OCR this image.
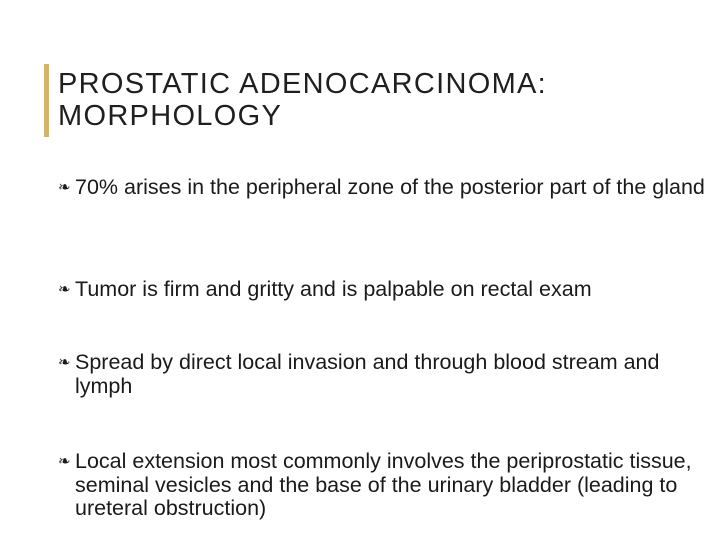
PROSTATIC ADENOCARCINOMA:
MORPHOLOGY
❧ 70% arises in the peripheral zone of the posterior part of the gland
❧ Tumor is firm and gritty and is palpable on rectal exam
❧ Spread by direct local invasion and through blood stream and lymph
❧ Local extension most commonly involves the periprostatic tissue, seminal vesicles and the base of the urinary bladder (leading to ureteral obstruction)
